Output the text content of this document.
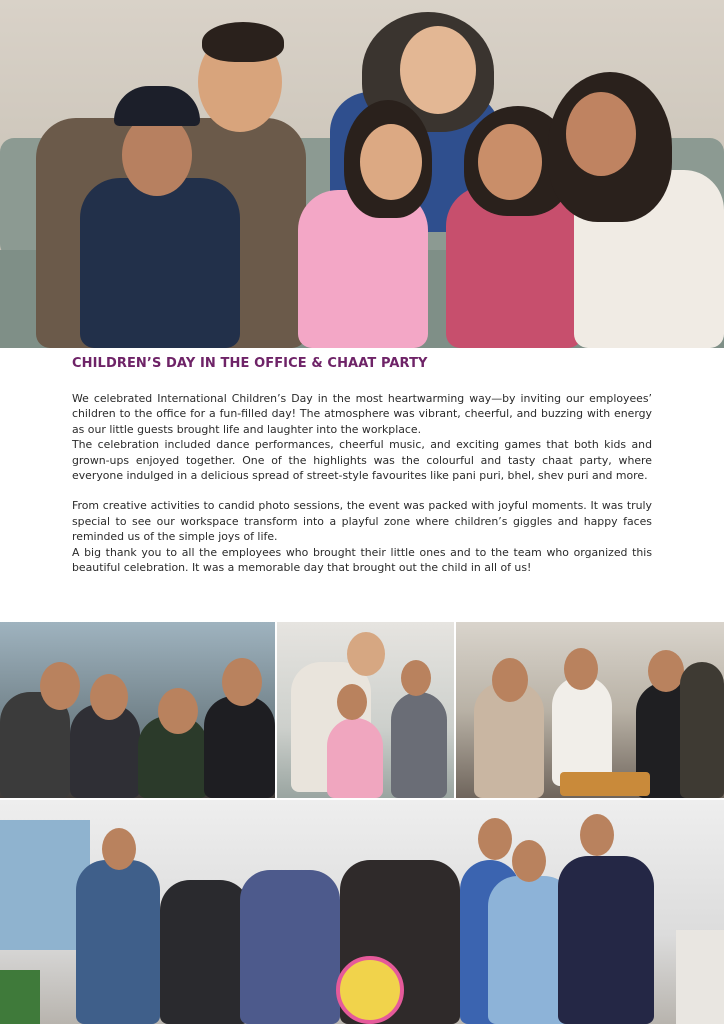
CHILDREN’S DAY IN THE OFFICE & CHAAT PARTY

We celebrated International Children’s Day in the most heartwarming way—by inviting our employees’ children to the office for a fun-filled day! The atmosphere was vibrant, cheerful, and buzzing with energy as our little guests brought life and laughter into the workplace.

The celebration included dance performances, cheerful music, and exciting games that both kids and grown-ups enjoyed together. One of the highlights was the colourful and tasty chaat party, where everyone indulged in a delicious spread of street-style favourites like pani puri, bhel, shev puri and more.

From creative activities to candid photo sessions, the event was packed with joyful moments. It was truly special to see our workspace transform into a playful zone where children’s giggles and happy faces reminded us of the simple joys of life.

A big thank you to all the employees who brought their little ones and to the team who organized this beautiful celebration. It was a memorable day that brought out the child in all of us!
